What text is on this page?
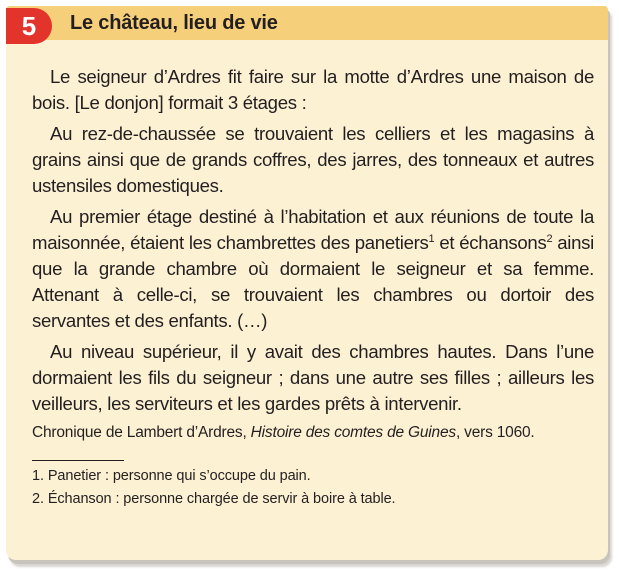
5	Le château, lieu de vie

Le seigneur d’Ardres fit faire sur la motte d’Ardres une maison de bois. [Le donjon] formait 3 étages :

Au rez-de-chaussée se trouvaient les celliers et les magasins à grains ainsi que de grands coffres, des jarres, des tonneaux et autres ustensiles domestiques.

Au premier étage destiné à l’habitation et aux réunions de toute la maisonnée, étaient les chambrettes des panetiers$^1$ et échansons$^2$ ainsi que la grande chambre où dormaient le seigneur et sa femme. Attenant à celle-ci, se trouvaient les chambres ou dortoir des servantes et des enfants. (…)

Au niveau supérieur, il y avait des chambres hautes. Dans l’une dormaient les fils du seigneur ; dans une autre ses filles ; ailleurs les veilleurs, les serviteurs et les gardes prêts à intervenir.

Chronique de Lambert d’Ardres, Histoire des comtes de Guines, vers 1060.

1. Panetier : personne qui s’occupe du pain.

2. Échanson : personne chargée de servir à boire à table.
